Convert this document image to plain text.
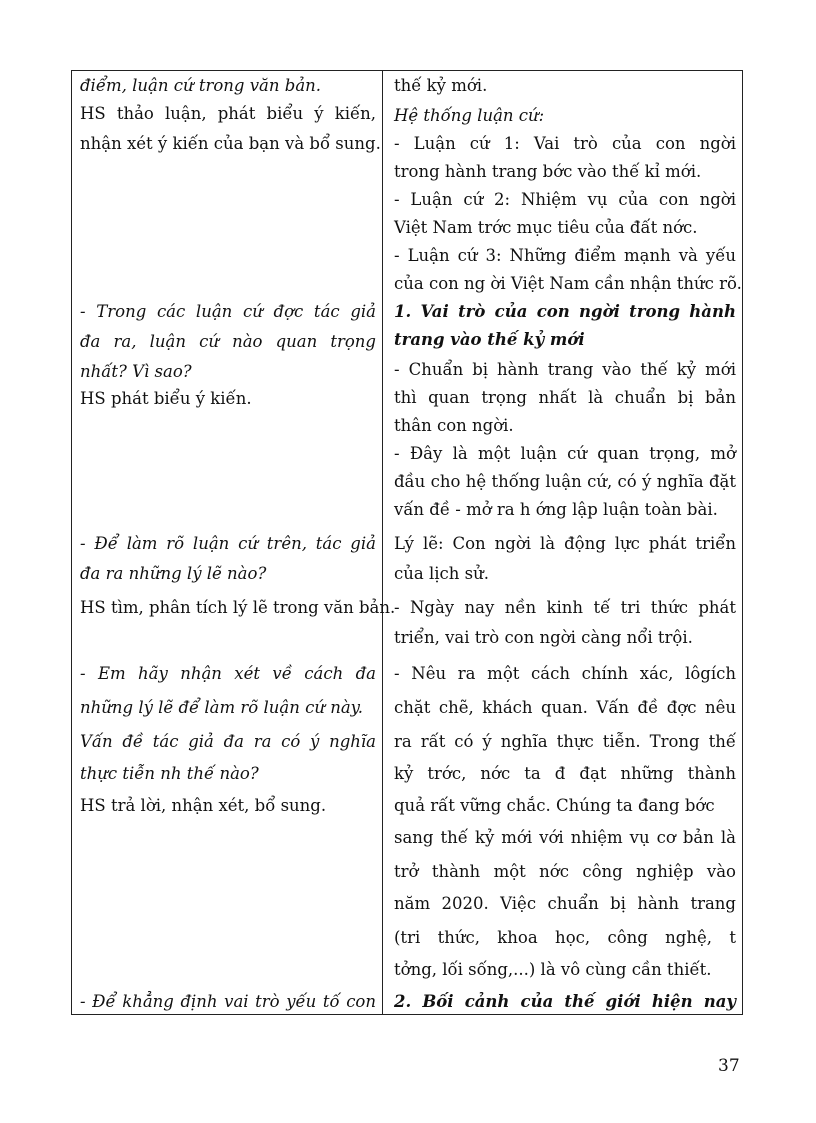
điểm, luận cứ trong văn bản.
HS thảo luận, phát biểu ý kiến,
nhận xét ý kiến của bạn và bổ sung.
- Trong các luận cứ đợc tác giả
đa ra, luận cứ nào quan trọng
nhất? Vì sao?
HS phát biểu ý kiến.
- Để làm rõ luận cứ trên, tác giả
đa ra những lý lẽ nào?
HS tìm, phân tích lý lẽ trong văn bản.
- Em hãy nhận xét về cách đa
những lý lẽ để làm rõ luận cứ này.
Vấn đề tác giả đa ra có ý nghĩa
thực tiễn nh thế nào?
HS trả lời, nhận xét, bổ sung.
- Để khẳng định vai trò yếu tố con
thế kỷ mới.
Hệ thống luận cứ:
- Luận cứ 1: Vai trò của con ngời
trong hành trang bớc vào thế kỉ mới.
- Luận cứ 2: Nhiệm vụ của con ngời
Việt Nam trớc mục tiêu của đất nớc.
- Luận cứ 3: Những điểm mạnh và yếu
của con ng ời Việt Nam cần nhận thức rõ.
1. Vai trò của con ngời trong hành
trang vào thế kỷ mới
- Chuẩn bị hành trang vào thế kỷ mới
thì quan trọng nhất là chuẩn bị bản
thân con ngời.
- Đây là một luận cứ quan trọng, mở
đầu cho hệ thống luận cứ, có ý nghĩa đặt
vấn đề - mở ra h ớng lập luận toàn bài.
Lý lẽ: Con ngời là động lực phát triển
của lịch sử.
- Ngày nay nền kinh tế tri thức phát
triển, vai trò con ngời càng nổi trội.
- Nêu ra một cách chính xác, lôgích
chặt chẽ, khách quan. Vấn đề đợc nêu
ra rất có ý nghĩa thực tiễn. Trong thế
kỷ trớc, nớc ta đ đạt những thành
quả rất vững chắc. Chúng ta đang bớc
sang thế kỷ mới với nhiệm vụ cơ bản là
trở thành một nớc công nghiệp vào
năm 2020. Việc chuẩn bị hành trang
(tri thức, khoa học, công nghệ, t
tởng, lối sống,...) là vô cùng cần thiết.
2. Bối cảnh của thế giới hiện nay
37
